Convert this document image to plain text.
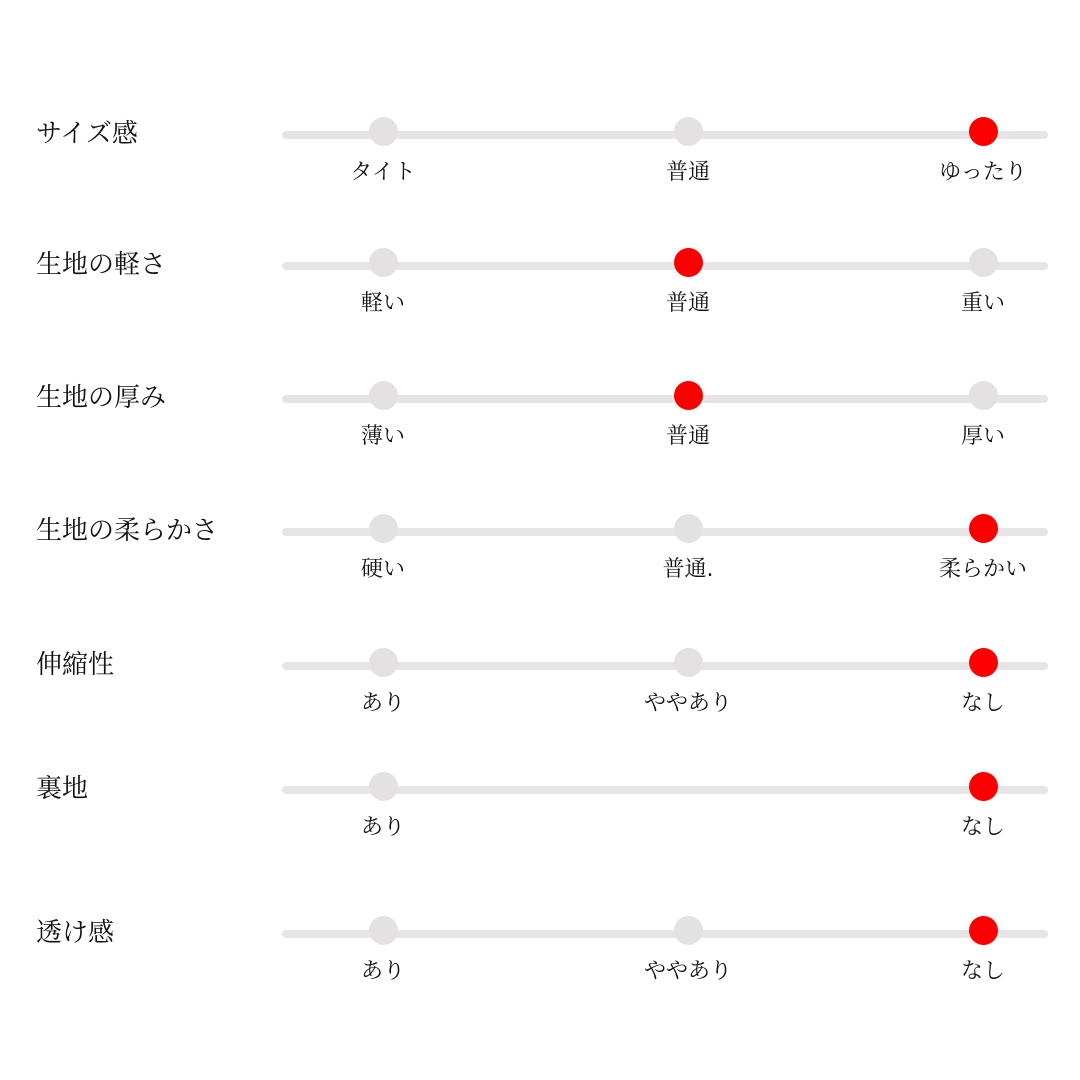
サイズ感
タイト	普通	ゆったり
生地の軽さ
軽い	普通	重い
生地の厚み
薄い	普通	厚い
生地の柔らかさ
硬い	普通.	柔らかい
伸縮性
あり	ややあり	なし
裏地
あり	なし
透け感
あり	ややあり	なし
